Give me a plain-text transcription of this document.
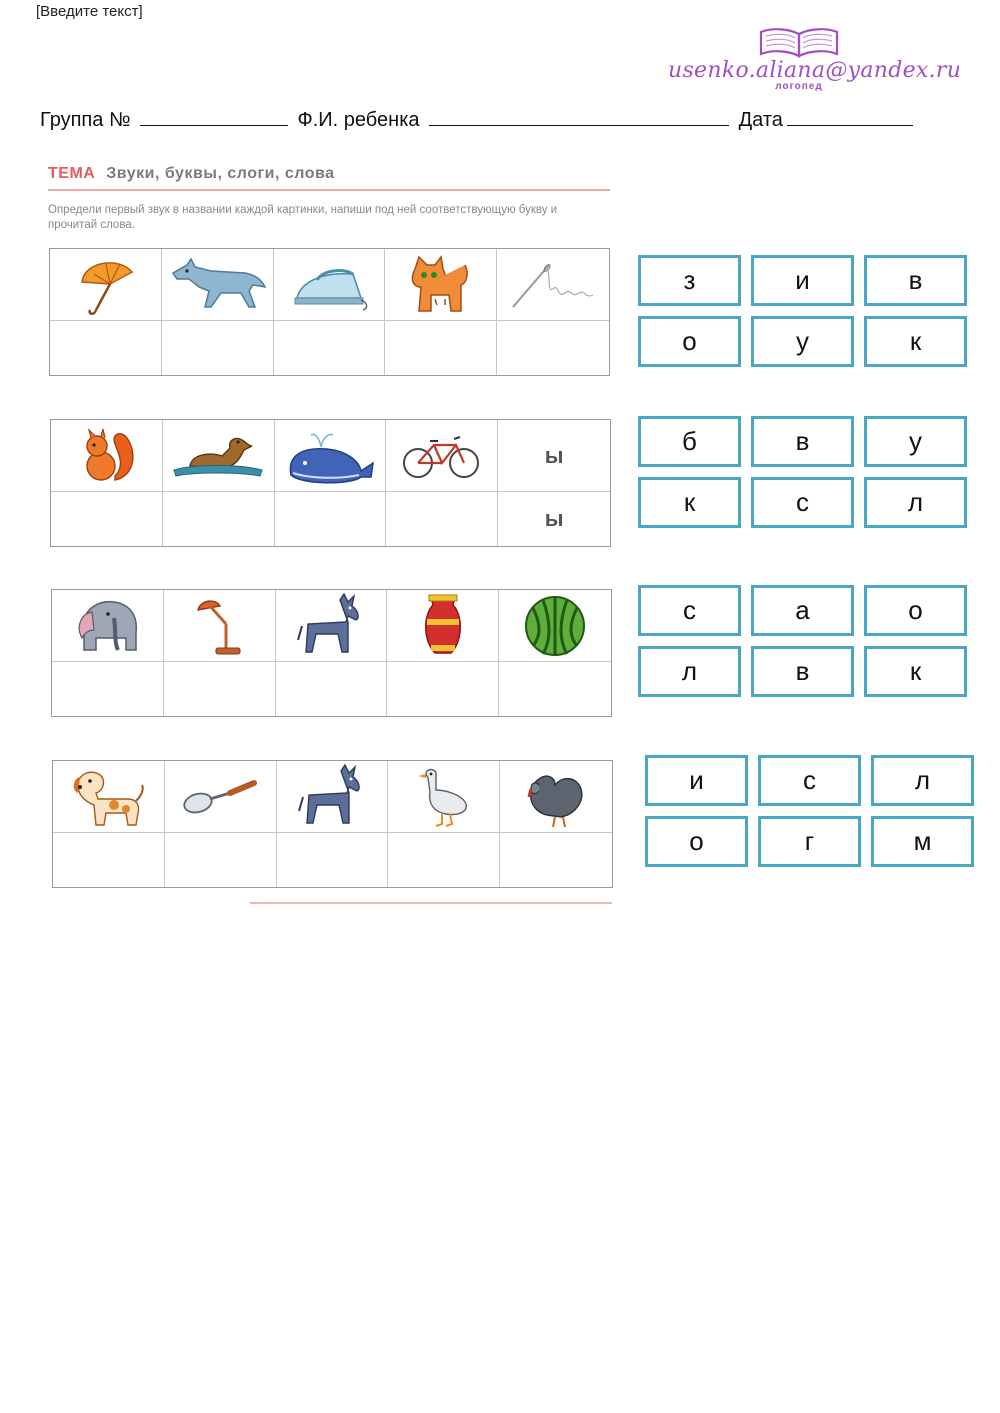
[Введите текст]
usenko.aliana@yandex.ru
логопед
Группа №	Ф.И. ребенка	Дата
ТЕМА Звуки, буквы, слоги, слова
Определи первый звук в названии каждой картинки, напиши под ней соответствующую букву и прочитай слова.
з	и	в
о	у	к
ы
ы
б	в	у
к	с	л
с	а	о
л	в	к
и	с	л
о	г	м
